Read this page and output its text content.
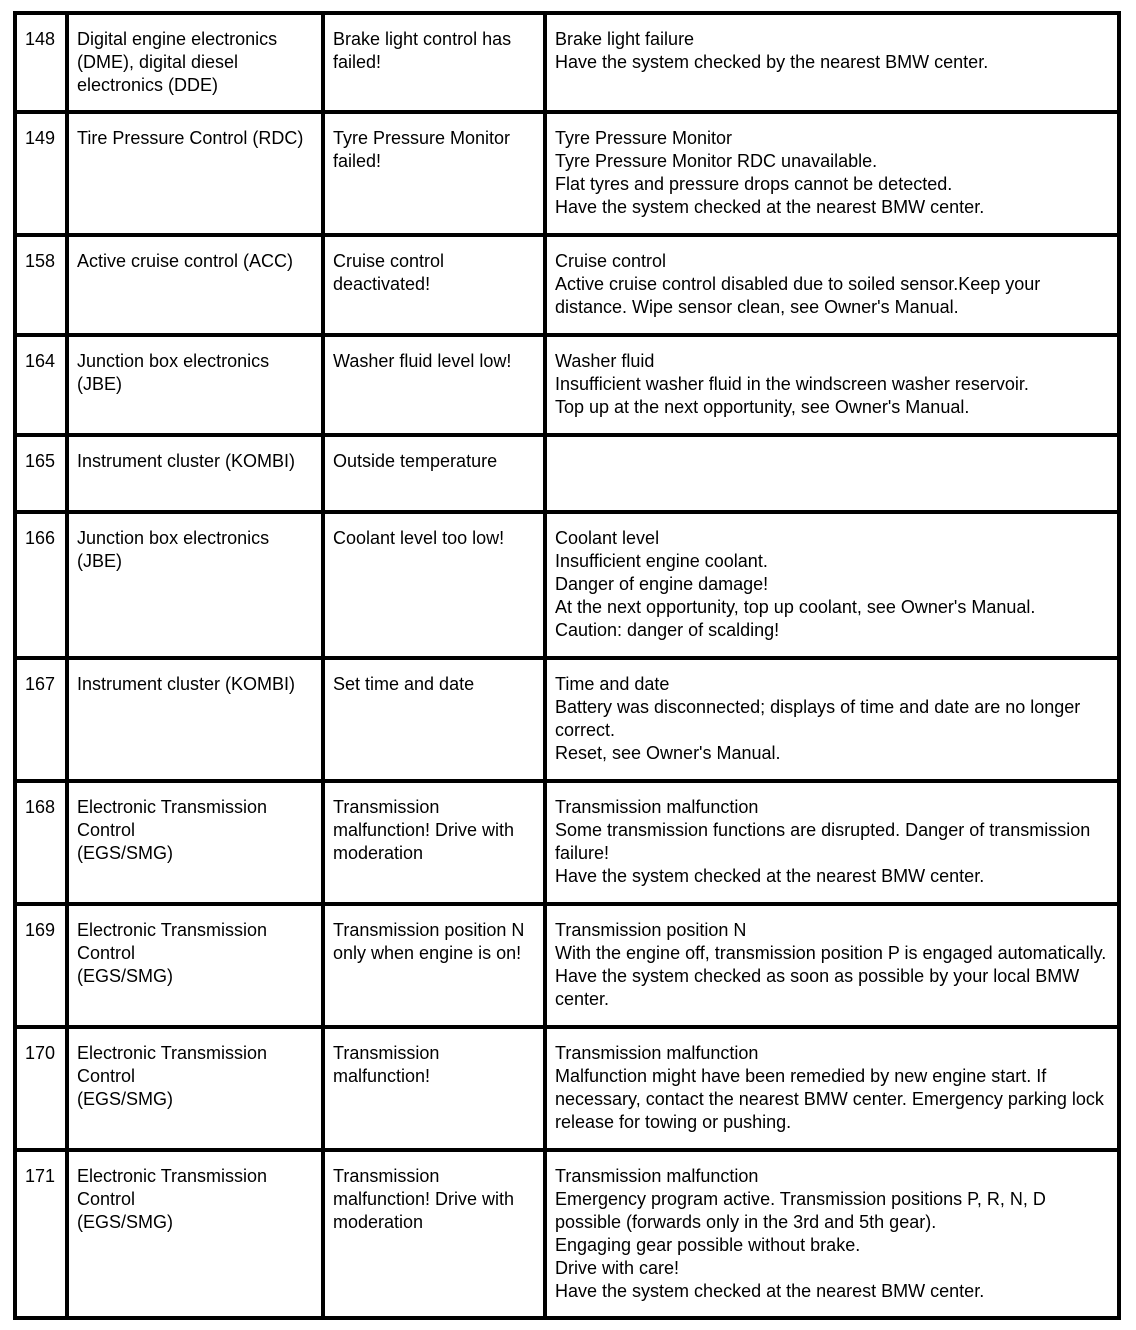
148	Digital engine electronics (DME), digital diesel electronics (DDE)	Brake light control has failed!	Brake light failure
Have the system checked by the nearest BMW center.
149	Tire Pressure Control (RDC)	Tyre Pressure Monitor failed!	Tyre Pressure Monitor
Tyre Pressure Monitor RDC unavailable.
Flat tyres and pressure drops cannot be detected.
Have the system checked at the nearest BMW center.
158	Active cruise control (ACC)	Cruise control deactivated!	Cruise control
Active cruise control disabled due to soiled sensor.Keep your distance. Wipe sensor clean, see Owner's Manual.
164	Junction box electronics (JBE)	Washer fluid level low!	Washer fluid
Insufficient washer fluid in the windscreen washer reservoir.
Top up at the next opportunity, see Owner's Manual.
165	Instrument cluster (KOMBI)	Outside temperature	
166	Junction box electronics (JBE)	Coolant level too low!	Coolant level
Insufficient engine coolant.
Danger of engine damage!
At the next opportunity, top up coolant, see Owner's Manual.
Caution: danger of scalding!
167	Instrument cluster (KOMBI)	Set time and date	Time and date
Battery was disconnected; displays of time and date are no longer correct.
Reset, see Owner's Manual.
168	Electronic Transmission Control
(EGS/SMG)	Transmission malfunction! Drive with moderation	Transmission malfunction
Some transmission functions are disrupted. Danger of transmission failure!
Have the system checked at the nearest BMW center.
169	Electronic Transmission Control
(EGS/SMG)	Transmission position N only when engine is on!	Transmission position N
With the engine off, transmission position P is engaged automatically. Have the system checked as soon as possible by your local BMW center.
170	Electronic Transmission Control
(EGS/SMG)	Transmission malfunction!	Transmission malfunction
Malfunction might have been remedied by new engine start. If necessary, contact the nearest BMW center. Emergency parking lock release for towing or pushing.
171	Electronic Transmission Control
(EGS/SMG)	Transmission malfunction! Drive with moderation	Transmission malfunction
Emergency program active. Transmission positions P, R, N, D possible (forwards only in the 3rd and 5th gear).
Engaging gear possible without brake.
Drive with care!
Have the system checked at the nearest BMW center.
